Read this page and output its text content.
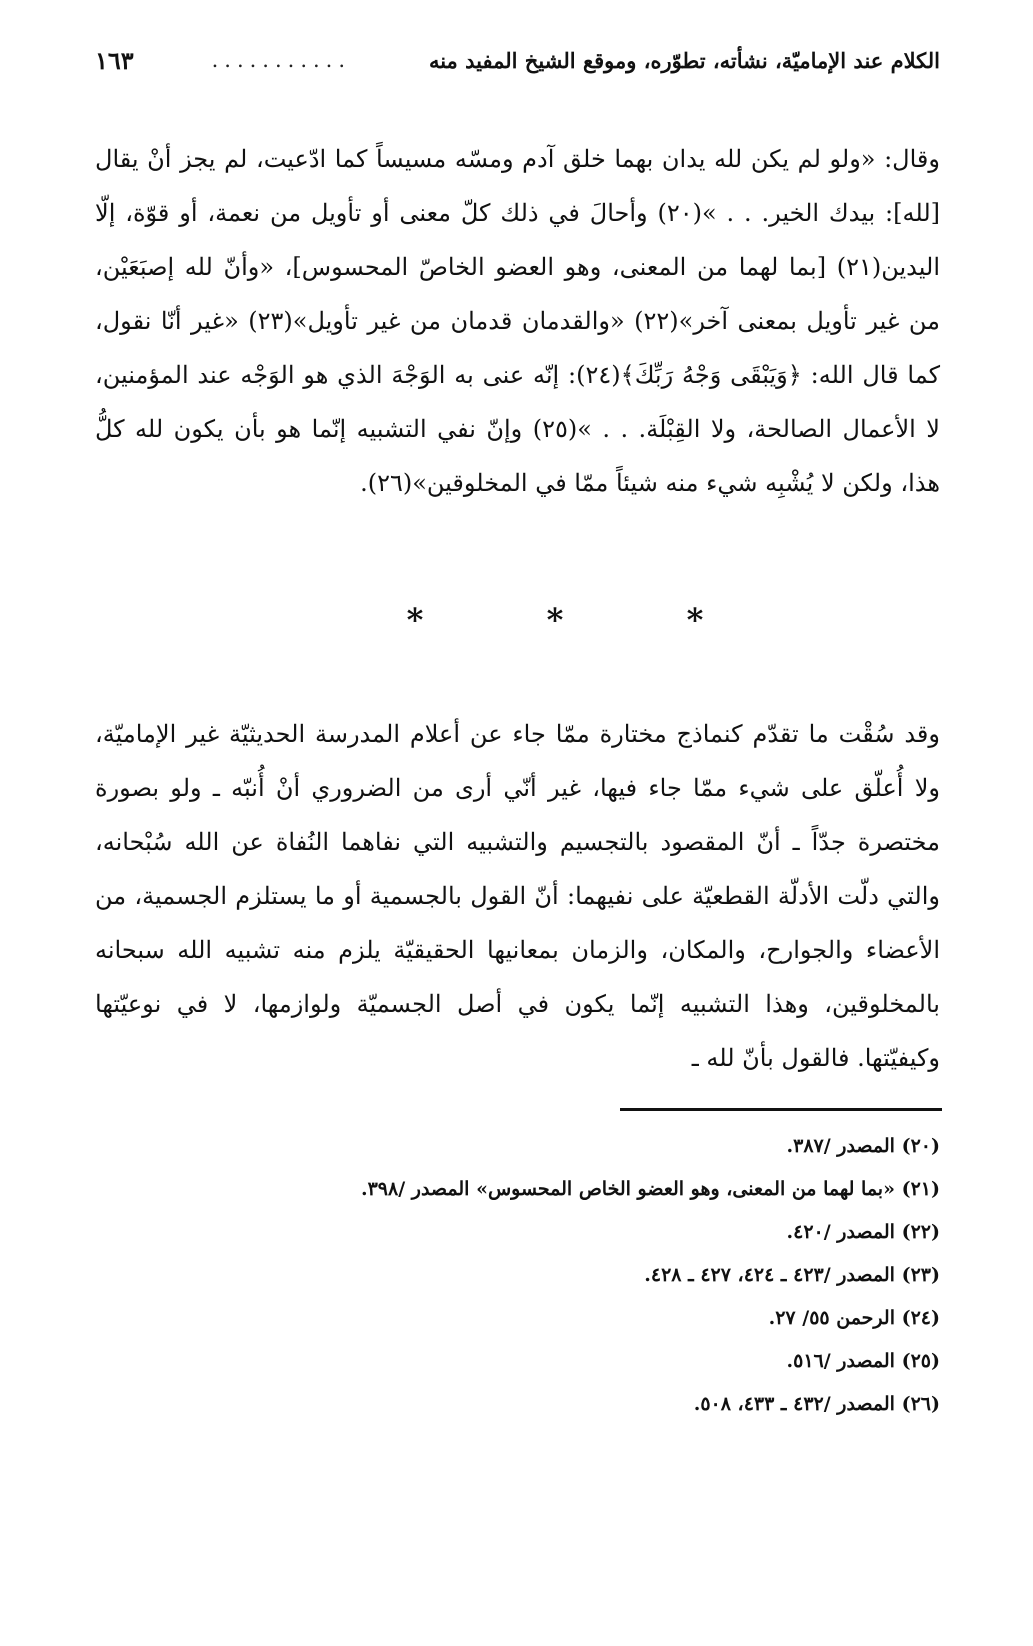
الكلام عند الإماميّة، نشأته، تطوّره، وموقع الشيخ المفيد منه
...........
١٦٣

وقال: «ولو لم يكن لله يدان بهما خلق آدم ومسّه مسيساً كما ادّعيت، لم يجز أنْ يقال [لله]: بيدك الخير. . . »(٢٠) وأحالَ في ذلك كلّ معنى أو تأويل من نعمة، أو قوّة، إلّا اليدين(٢١) [بما لهما من المعنى، وهو العضو الخاصّ المحسوس]، «وأنّ لله إصبَعَيْن، من غير تأويل بمعنى آخر»(٢٢) «والقدمان قدمان من غير تأويل»(٢٣) «غير أنّا نقول، كما قال الله: ﴿وَيَبْقَى وَجْهُ رَبِّكَ﴾(٢٤): إنّه عنى به الوَجْهَ الذي هو الوَجْه عند المؤمنين، لا الأعمال الصالحة، ولا القِبْلَة. . . »(٢٥) وإنّ نفي التشبيه إنّما هو بأن يكون لله كلُّ هذا، ولكن لا يُشْبِه شيء منه شيئاً ممّا في المخلوقين»(٢٦).

*
*
*

وقد سُقْت ما تقدّم كنماذج مختارة ممّا جاء عن أعلام المدرسة الحديثيّة غير الإماميّة، ولا أُعلّق على شيء ممّا جاء فيها، غير أنّي أرى من الضروري أنْ أُنبّه ـ ولو بصورة مختصرة جدّاً ـ أنّ المقصود بالتجسيم والتشبيه التي نفاهما النُفاة عن الله سُبْحانه، والتي دلّت الأدلّة القطعيّة على نفيهما: أنّ القول بالجسمية أو ما يستلزم الجسمية، من الأعضاء والجوارح، والمكان، والزمان بمعانيها الحقيقيّة يلزم منه تشبيه الله سبحانه بالمخلوقين، وهذا التشبيه إنّما يكون في أصل الجسميّة ولوازمها، لا في نوعيّتها وكيفيّتها. فالقول بأنّ لله ـ

(٢٠) المصدر /٣٨٧.
(٢١) «بما لهما من المعنى، وهو العضو الخاص المحسوس» المصدر /٣٩٨.
(٢٢) المصدر /٤٢٠.
(٢٣) المصدر /٤٢٣ ـ ٤٢٤، ٤٢٧ ـ ٤٢٨.
(٢٤) الرحمن ٥٥/ ٢٧.
(٢٥) المصدر /٥١٦.
(٢٦) المصدر /٤٣٢ ـ ٤٣٣، ٥٠٨.
